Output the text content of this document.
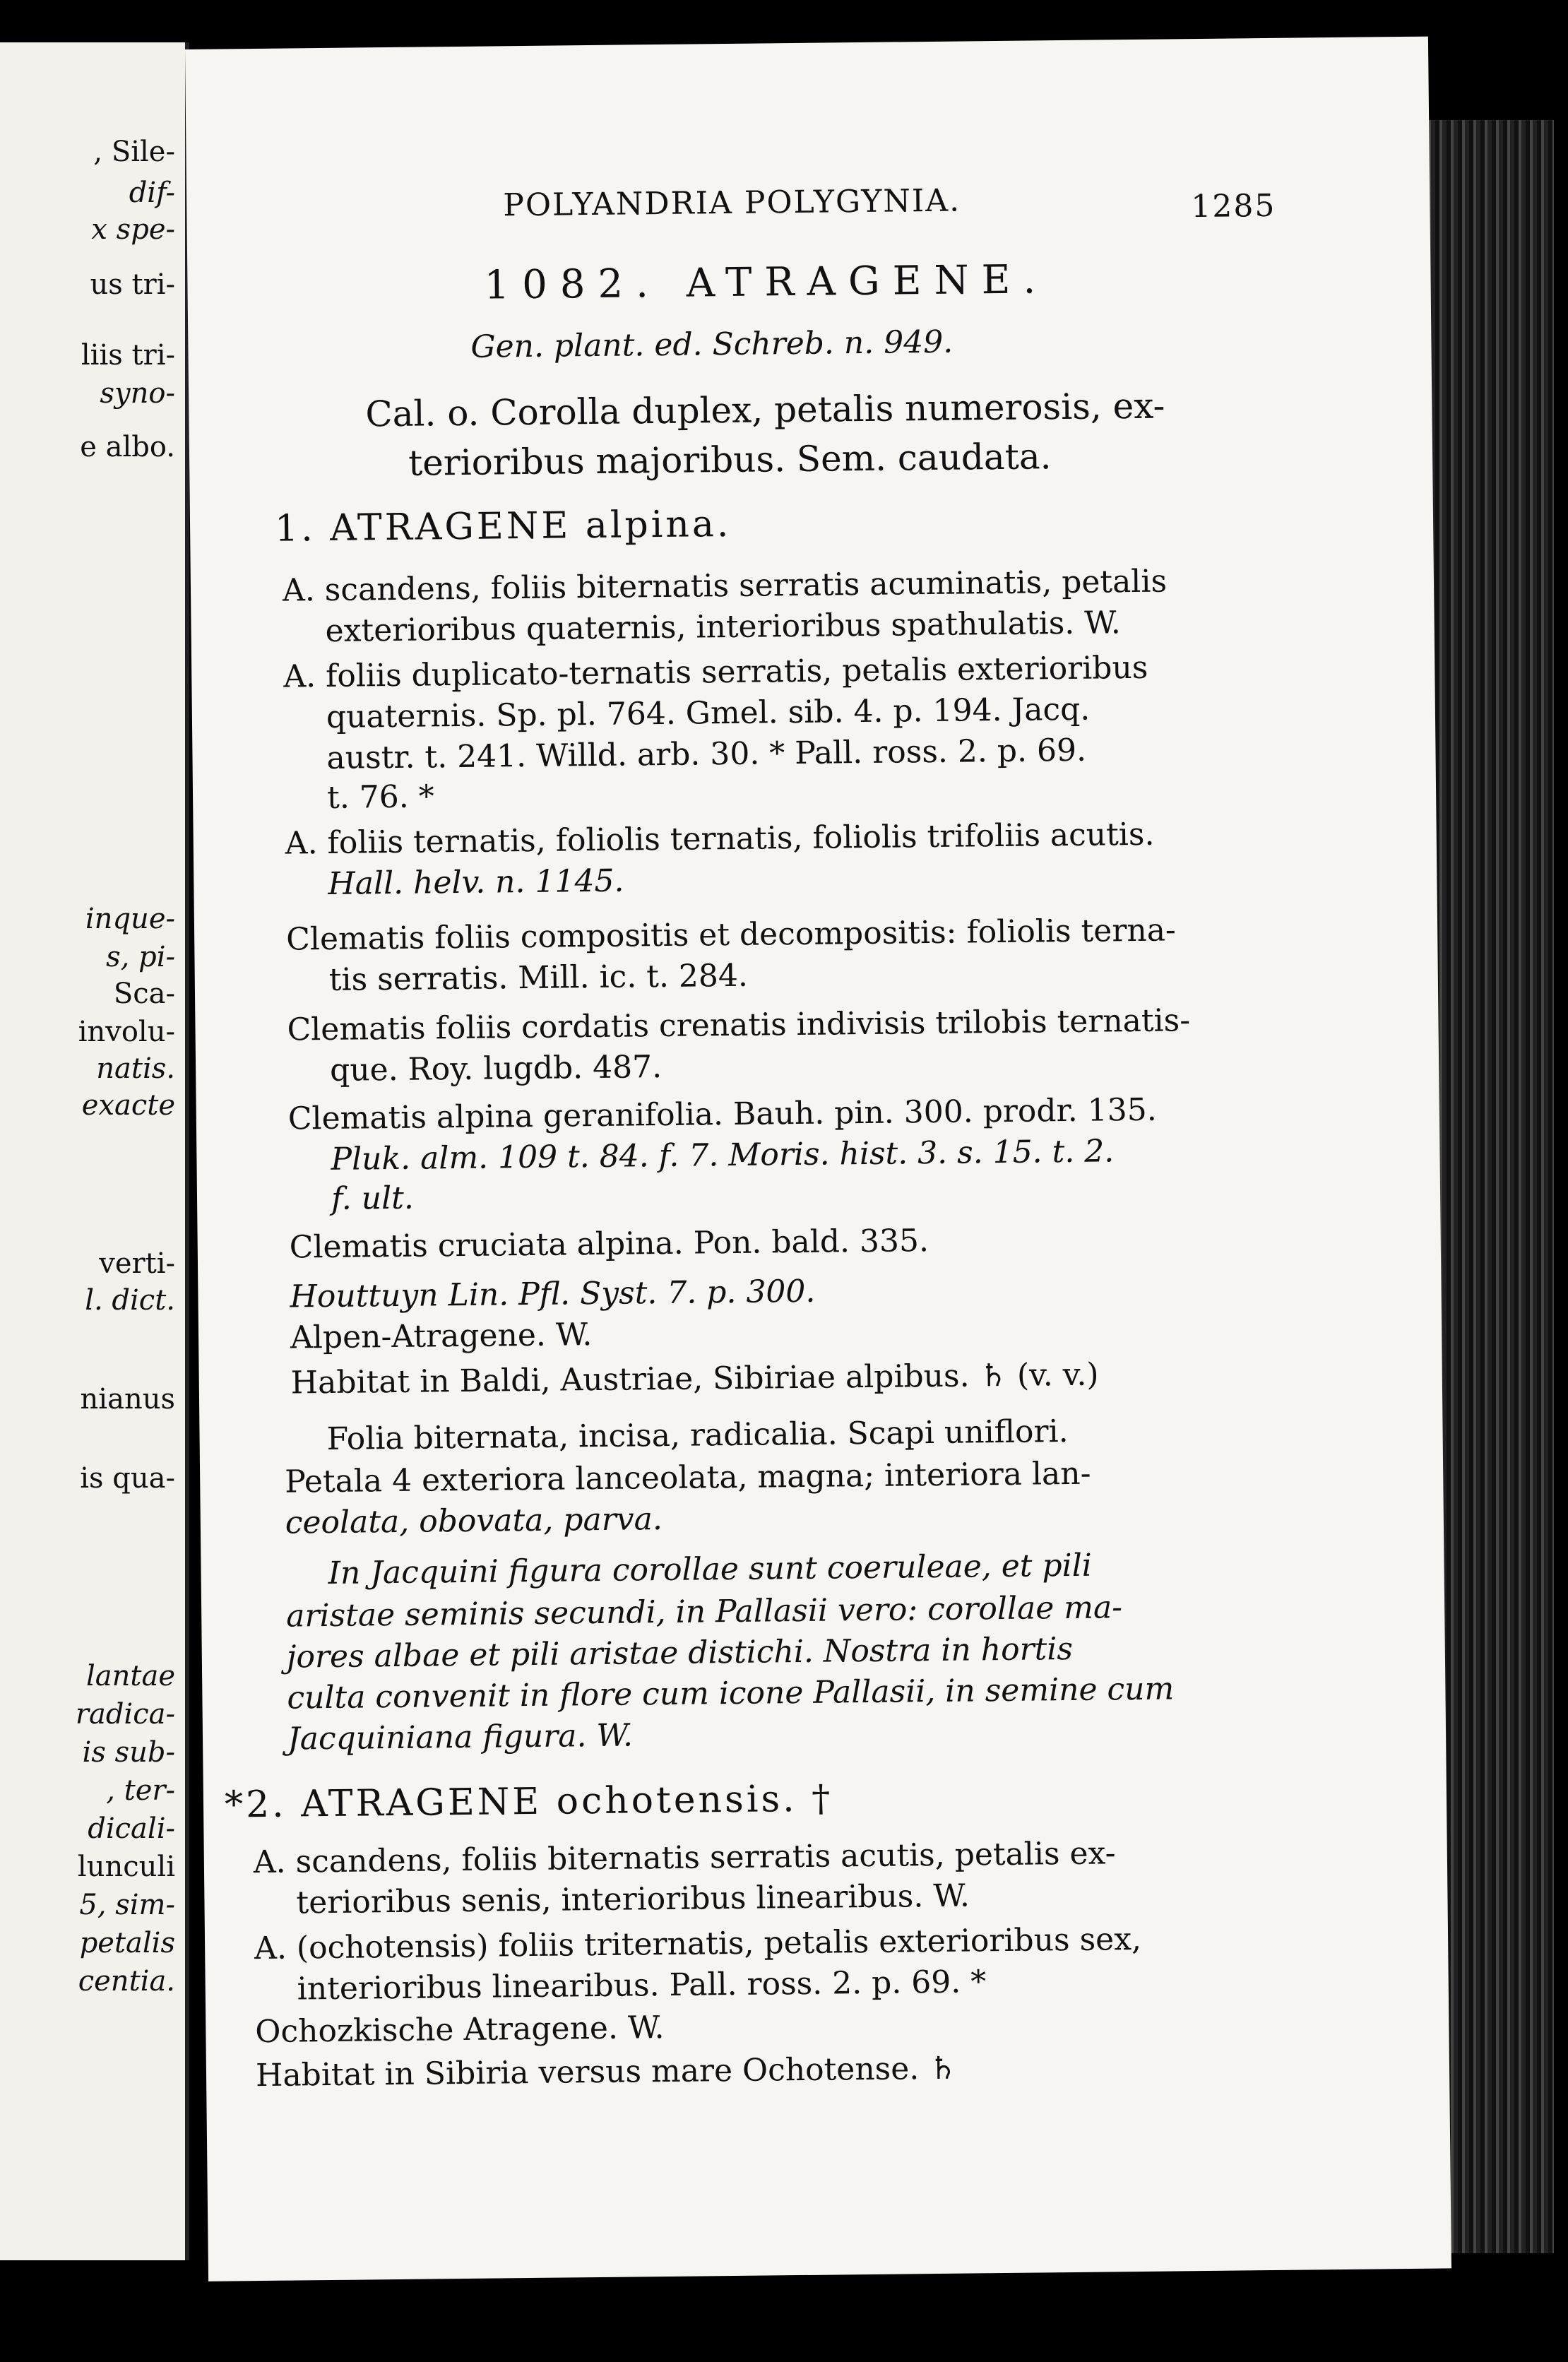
, Sile-
dif-
x spe-
us tri-
liis tri-
syno-
e albo.
inque-
s, pi-
Sca-
involu-
natis.
exacte
verti-
l. dict.
nianus
is qua-
lantae
radica-
is sub-
, ter-
dicali-
lunculi
5, sim-
petalis
centia.
POLYANDRIA POLYGYNIA.	1285
1082. ATRAGENE.
Gen. plant. ed. Schreb. n. 949.
Cal. o. Corolla duplex, petalis numerosis, ex-
terioribus majoribus. Sem. caudata.
1. ATRAGENE alpina.
A. scandens, foliis biternatis serratis acuminatis, petalis
exterioribus quaternis, interioribus spathulatis. W.
A. foliis duplicato-ternatis serratis, petalis exterioribus
quaternis. Sp. pl. 764. Gmel. sib. 4. p. 194. Jacq.
austr. t. 241. Willd. arb. 30. * Pall. ross. 2. p. 69.
t. 76. *
A. foliis ternatis, foliolis ternatis, foliolis trifoliis acutis.
Hall. helv. n. 1145.
Clematis foliis compositis et decompositis: foliolis terna-
tis serratis. Mill. ic. t. 284.
Clematis foliis cordatis crenatis indivisis trilobis ternatis-
que. Roy. lugdb. 487.
Clematis alpina geranifolia. Bauh. pin. 300. prodr. 135.
Pluk. alm. 109 t. 84. f. 7. Moris. hist. 3. s. 15. t. 2.
f. ult.
Clematis cruciata alpina. Pon. bald. 335.
Houttuyn Lin. Pfl. Syst. 7. p. 300.
Alpen-Atragene. W.
Habitat in Baldi, Austriae, Sibiriae alpibus. ♄ (v. v.)
Folia biternata, incisa, radicalia. Scapi uniflori.
Petala 4 exteriora lanceolata, magna; interiora lan-
ceolata, obovata, parva.
In Jacquini figura corollae sunt coeruleae, et pili
aristae seminis secundi, in Pallasii vero: corollae ma-
jores albae et pili aristae distichi. Nostra in hortis
culta convenit in flore cum icone Pallasii, in semine cum
Jacquiniana figura. W.
*2. ATRAGENE ochotensis. †
A. scandens, foliis biternatis serratis acutis, petalis ex-
terioribus senis, interioribus linearibus. W.
A. (ochotensis) foliis triternatis, petalis exterioribus sex,
interioribus linearibus. Pall. ross. 2. p. 69. *
Ochozkische Atragene. W.
Habitat in Sibiria versus mare Ochotense. ♄
